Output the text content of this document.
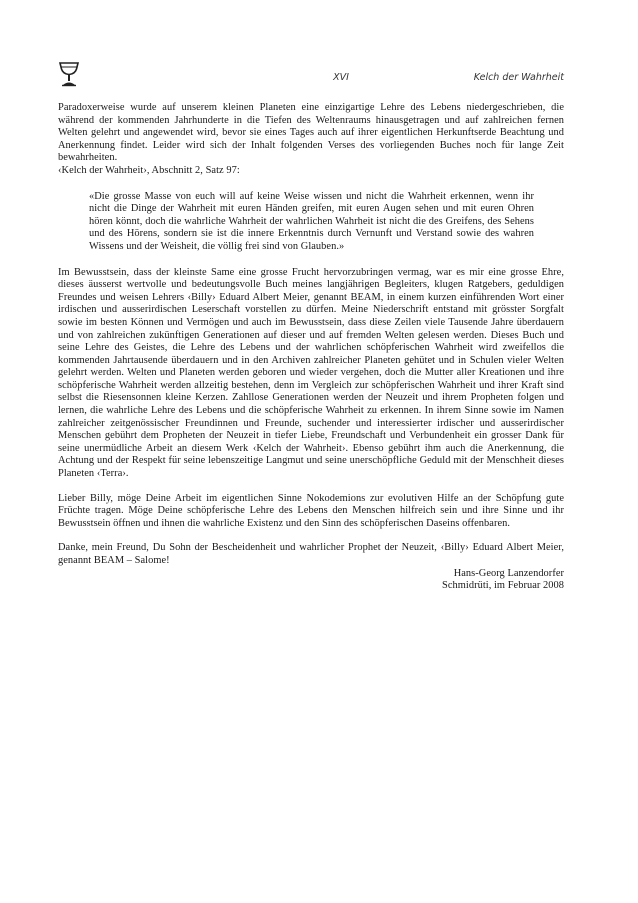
XVI	Kelch der Wahrheit

Paradoxerweise wurde auf unserem kleinen Planeten eine einzigartige Lehre des Lebens niedergeschrieben, die während der kommenden Jahrhunderte in die Tiefen des Weltenraums hinausgetragen und auf zahlreichen fernen Welten gelehrt und angewendet wird, bevor sie eines Tages auch auf ihrer eigentlichen Herkunftserde Beachtung und Anerkennung findet. Leider wird sich der Inhalt folgenden Verses des vorliegenden Buches noch für lange Zeit bewahrheiten.

‹Kelch der Wahrheit›, Abschnitt 2, Satz 97:

«Die grosse Masse von euch will auf keine Weise wissen und nicht die Wahrheit erkennen, wenn ihr nicht die Dinge der Wahrheit mit euren Händen greifen, mit euren Augen sehen und mit euren Ohren hören könnt, doch die wahrliche Wahrheit der wahrlichen Wahrheit ist nicht die des Greifens, des Sehens und des Hörens, sondern sie ist die innere Erkenntnis durch Vernunft und Verstand sowie des wahren Wissens und der Weisheit, die völlig frei sind von Glauben.»

Im Bewusstsein, dass der kleinste Same eine grosse Frucht hervorzubringen vermag, war es mir eine grosse Ehre, dieses äusserst wertvolle und bedeutungsvolle Buch meines langjährigen Begleiters, klugen Ratgebers, geduldigen Freundes und weisen Lehrers ‹Billy› Eduard Albert Meier, genannt BEAM, in einem kurzen einführenden Wort einer irdischen und ausserirdischen Leserschaft vorstellen zu dürfen. Meine Niederschrift entstand mit grösster Sorgfalt sowie im besten Können und Vermögen und auch im Bewusstsein, dass diese Zeilen viele Tausende Jahre überdauern und von zahlreichen zukünftigen Generationen auf dieser und auf fremden Welten gelesen werden. Dieses Buch und seine Lehre des Geistes, die Lehre des Lebens und der wahrlichen schöpferischen Wahrheit wird zweifellos die kommenden Jahrtausende überdauern und in den Archiven zahlreicher Planeten gehütet und in Schulen vieler Welten gelehrt werden. Welten und Planeten werden geboren und wieder vergehen, doch die Mutter aller Kreationen und ihre schöpferische Wahrheit werden allzeitig bestehen, denn im Vergleich zur schöpferischen Wahrheit und ihrer Kraft sind selbst die Riesensonnen kleine Kerzen. Zahllose Generationen werden der Neuzeit und ihrem Propheten folgen und lernen, die wahrliche Lehre des Lebens und die schöpferische Wahrheit zu erkennen. In ihrem Sinne sowie im Namen zahlreicher zeitgenössischer Freundinnen und Freunde, suchender und interessierter irdischer und ausserirdischer Menschen gebührt dem Propheten der Neuzeit in tiefer Liebe, Freundschaft und Verbundenheit ein grosser Dank für seine unermüdliche Arbeit an diesem Werk ‹Kelch der Wahrheit›. Ebenso gebührt ihm auch die Anerkennung, die Achtung und der Respekt für seine lebenszeitige Langmut und seine unerschöpfliche Geduld mit der Menschheit dieses Planeten ‹Terra›.

Lieber Billy, möge Deine Arbeit im eigentlichen Sinne Nokodemions zur evolutiven Hilfe an der Schöpfung gute Früchte tragen. Möge Deine schöpferische Lehre des Lebens den Menschen hilfreich sein und ihre Sinne und ihr Bewusstsein öffnen und ihnen die wahrliche Existenz und den Sinn des schöpferischen Daseins offenbaren.

Danke, mein Freund, Du Sohn der Bescheidenheit und wahrlicher Prophet der Neuzeit, ‹Billy› Eduard Albert Meier, genannt BEAM – Salome!

Hans-Georg Lanzendorfer
Schmidrüti, im Februar 2008
